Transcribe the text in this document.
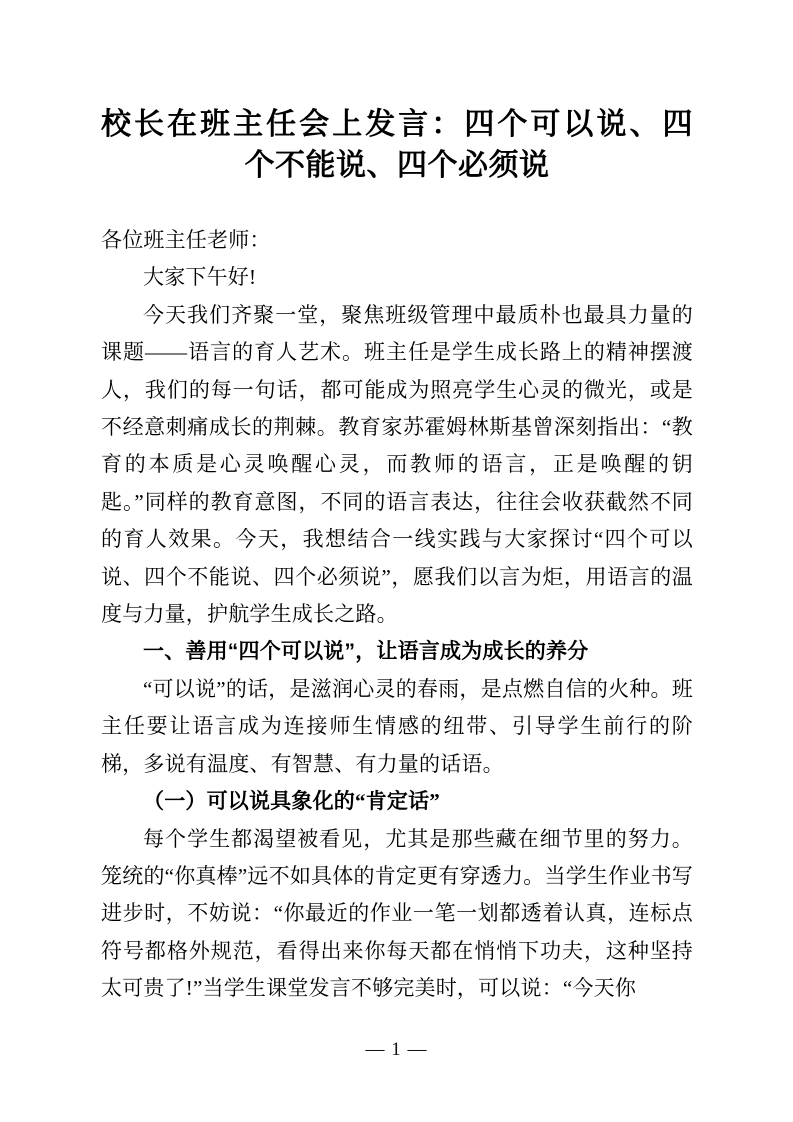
校长在班主任会上发言：四个可以说、四
个不能说、四个必须说

各位班主任老师：

大家下午好!

今天我们齐聚一堂，聚焦班级管理中最质朴也最具力量的课题——语言的育人艺术。班主任是学生成长路上的精神摆渡人，我们的每一句话，都可能成为照亮学生心灵的微光，或是不经意刺痛成长的荆棘。教育家苏霍姆林斯基曾深刻指出：“教育的本质是心灵唤醒心灵，而教师的语言，正是唤醒的钥匙。”同样的教育意图，不同的语言表达，往往会收获截然不同的育人效果。今天，我想结合一线实践与大家探讨“四个可以说、四个不能说、四个必须说”，愿我们以言为炬，用语言的温度与力量，护航学生成长之路。

一、善用“四个可以说”，让语言成为成长的养分

“可以说”的话，是滋润心灵的春雨，是点燃自信的火种。班主任要让语言成为连接师生情感的纽带、引导学生前行的阶梯，多说有温度、有智慧、有力量的话语。

（一）可以说具象化的“肯定话”

每个学生都渴望被看见，尤其是那些藏在细节里的努力。笼统的“你真棒”远不如具体的肯定更有穿透力。当学生作业书写进步时，不妨说：“你最近的作业一笔一划都透着认真，连标点符号都格外规范，看得出来你每天都在悄悄下功夫，这种坚持太可贵了!”当学生课堂发言不够完美时，可以说：“今天你

— 1 —
